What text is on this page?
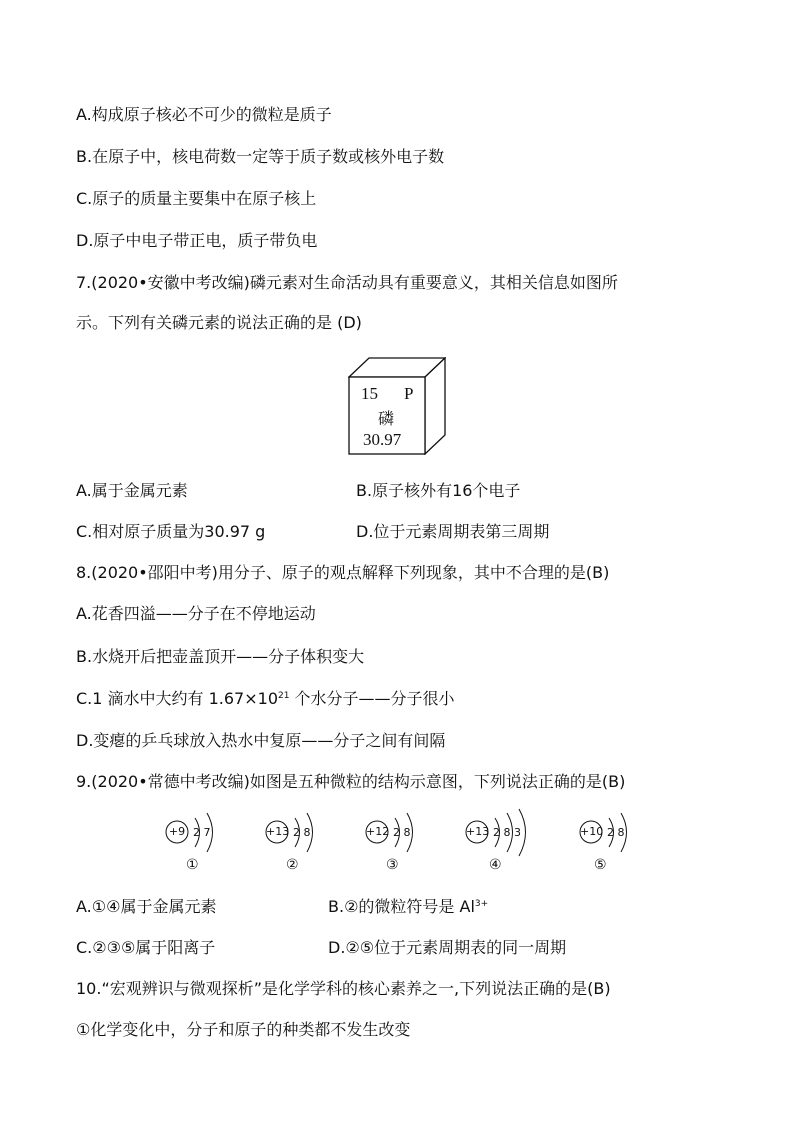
A.构成原子核必不可少的微粒是质子
B.在原子中，核电荷数一定等于质子数或核外电子数
C.原子的质量主要集中在原子核上
D.原子中电子带正电，质子带负电
7.(2020•安徽中考改编)磷元素对生命活动具有重要意义，其相关信息如图所
示。下列有关磷元素的说法正确的是 (D)
15 P
磷
30.97
A.属于金属元素	B.原子核外有16个电子
C.相对原子质量为30.97 g	D.位于元素周期表第三周期
8.(2020•邵阳中考)用分子、原子的观点解释下列现象，其中不合理的是(B)
A.花香四溢——分子在不停地运动
B.水烧开后把壶盖顶开——分子体积变大
C.1 滴水中大约有 $1.67\times 10^{21}$ 个水分子——分子很小
D.变瘪的乒乓球放入热水中复原——分子之间有间隔
9.(2020•常德中考改编)如图是五种微粒的结构示意图，下列说法正确的是(B)
+9 2 7
①
+13 2 8
②
+12 2 8
③
+13 2 8 3
④
+10 2 8
⑤
A.①④属于金属元素	B.②的微粒符号是 $Al^{3+}$
C.②③⑤属于阳离子	D.②⑤位于元素周期表的同一周期
10.“宏观辨识与微观探析”是化学学科的核心素养之一,下列说法正确的是(B)
①化学变化中，分子和原子的种类都不发生改变
